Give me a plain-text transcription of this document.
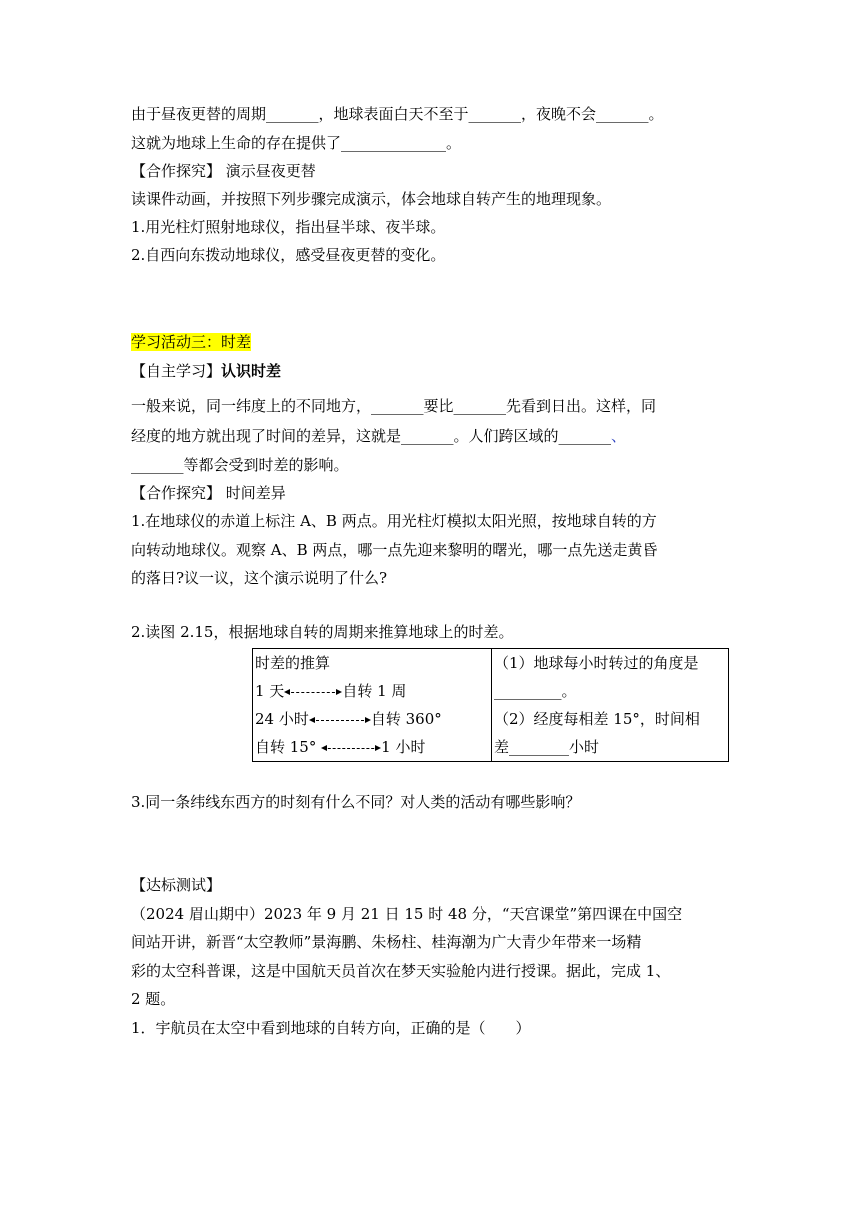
由于昼夜更替的周期_______，地球表面白天不至于_______，夜晚不会_______。
这就为地球上生命的存在提供了______________。
【合作探究】 演示昼夜更替
读课件动画，并按照下列步骤完成演示，体会地球自转产生的地理现象。
1.用光柱灯照射地球仪，指出昼半球、夜半球。
2.自西向东拨动地球仪，感受昼夜更替的变化。
学习活动三：时差
【自主学习】认识时差
一般来说，同一纬度上的不同地方，_______要比_______先看到日出。这样，同
经度的地方就出现了时间的差异，这就是_______。人们跨区域的_______、
_______等都会受到时差的影响。
【合作探究】 时间差异
1.在地球仪的赤道上标注 A、B 两点。用光柱灯模拟太阳光照，按地球自转的方
向转动地球仪。观察 A、B 两点，哪一点先迎来黎明的曙光，哪一点先送走黄昏
的落日?议一议，这个演示说明了什么?
2.读图 2.15，根据地球自转的周期来推算地球上的时差。
时差的推算
1 天	自转 1 周
24 小时	自转 360°
自转 15°	1 小时

（1）地球每小时转过的角度是
_________。
（2）经度每相差 15°，时间相
差________小时
3.同一条纬线东西方的时刻有什么不同？对人类的活动有哪些影响？
【达标测试】
（2024 眉山期中）2023 年 9 月 21 日 15 时 48 分，“天宫课堂”第四课在中国空
间站开讲，新晋“太空教师”景海鹏、朱杨柱、桂海潮为广大青少年带来一场精
彩的太空科普课，这是中国航天员首次在梦天实验舱内进行授课。据此，完成 1、
2 题。
1．宇航员在太空中看到地球的自转方向，正确的是（　　）
